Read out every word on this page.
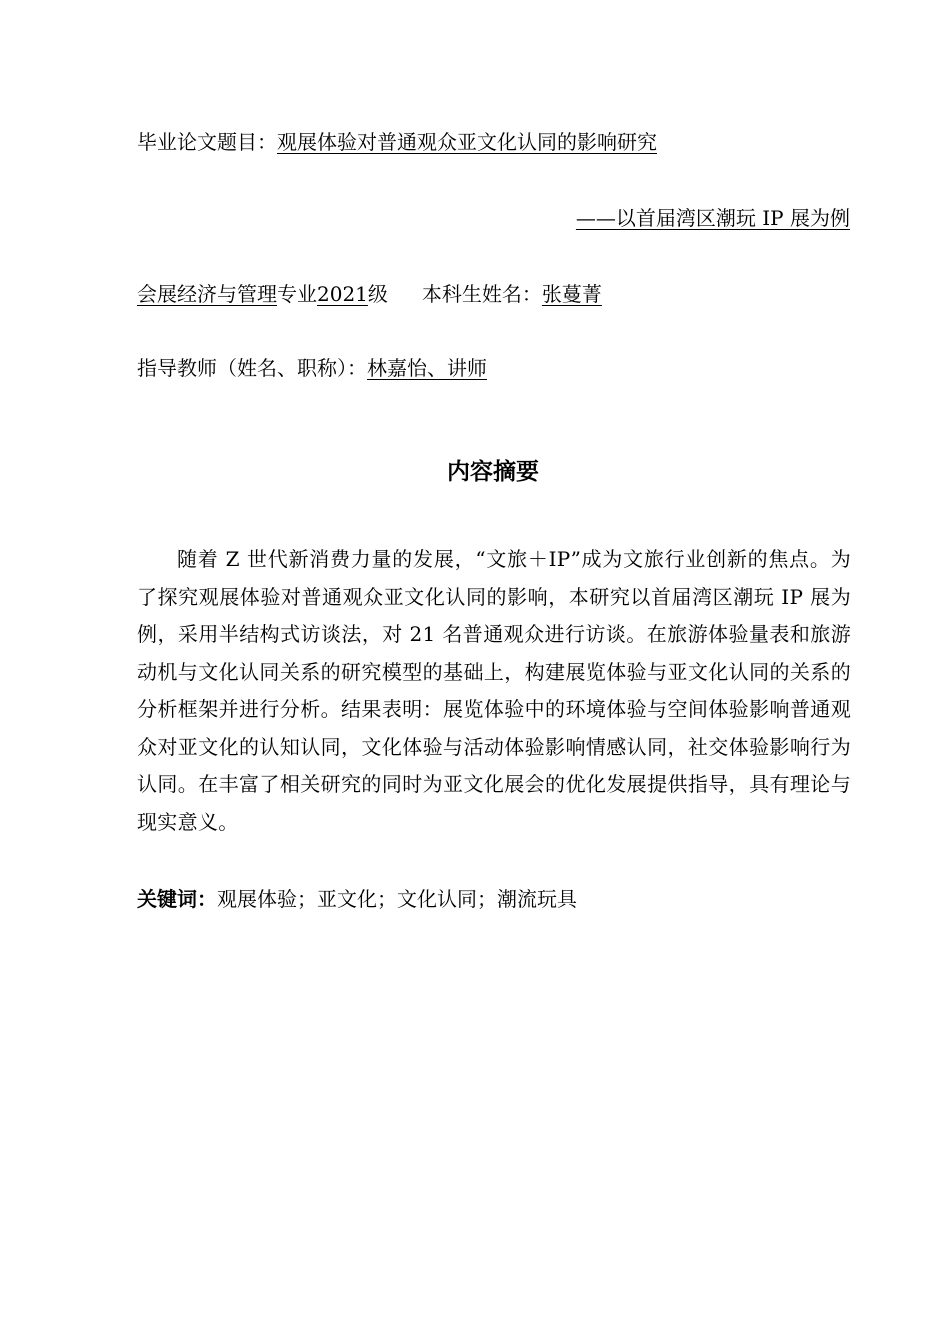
毕业论文题目：观展体验对普通观众亚文化认同的影响研究
——以首届湾区潮玩 IP 展为例
会展经济与管理专业2021级 本科生姓名：张蔓菁
指导教师（姓名、职称）：林嘉怡、讲师
内容摘要

随着 Z 世代新消费力量的发展，“文旅＋IP”成为文旅行业创新的焦点。为了探究观展体验对普通观众亚文化认同的影响，本研究以首届湾区潮玩 IP 展为例，采用半结构式访谈法，对 21 名普通观众进行访谈。在旅游体验量表和旅游动机与文化认同关系的研究模型的基础上，构建展览体验与亚文化认同的关系的分析框架并进行分析。结果表明：展览体验中的环境体验与空间体验影响普通观众对亚文化的认知认同，文化体验与活动体验影响情感认同，社交体验影响行为认同。在丰富了相关研究的同时为亚文化展会的优化发展提供指导，具有理论与现实意义。

关键词：观展体验；亚文化；文化认同；潮流玩具
